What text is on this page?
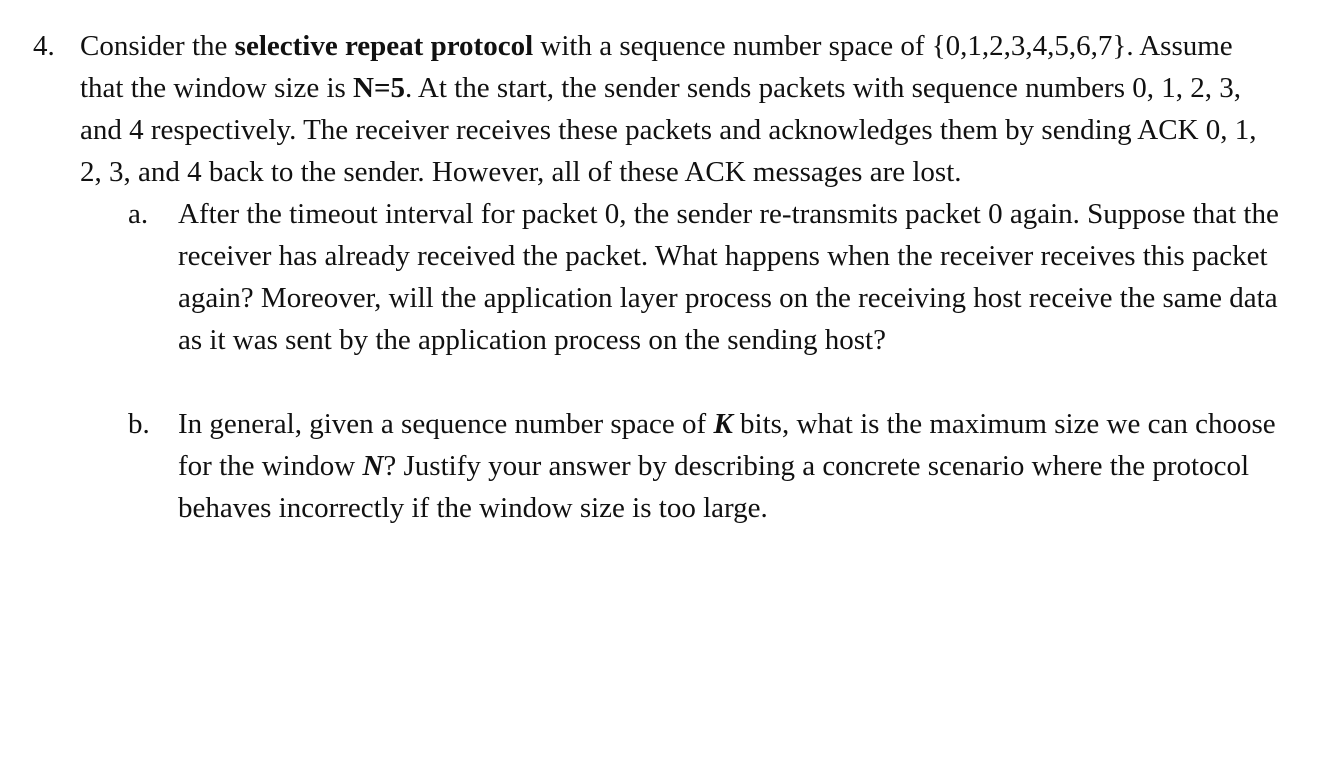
4. Consider the selective repeat protocol with a sequence number space of {0,1,2,3,4,5,6,7}. Assume that the window size is N=5. At the start, the sender sends packets with sequence numbers 0, 1, 2, 3, and 4 respectively. The receiver receives these packets and acknowledges them by sending ACK 0, 1, 2, 3, and 4 back to the sender. However, all of these ACK messages are lost.

a. After the timeout interval for packet 0, the sender re-transmits packet 0 again. Suppose that the receiver has already received the packet. What happens when the receiver receives this packet again? Moreover, will the application layer process on the receiving host receive the same data as it was sent by the application process on the sending host?
b. In general, given a sequence number space of K bits, what is the maximum size we can choose for the window N? Justify your answer by describing a concrete scenario where the protocol behaves incorrectly if the window size is too large.
